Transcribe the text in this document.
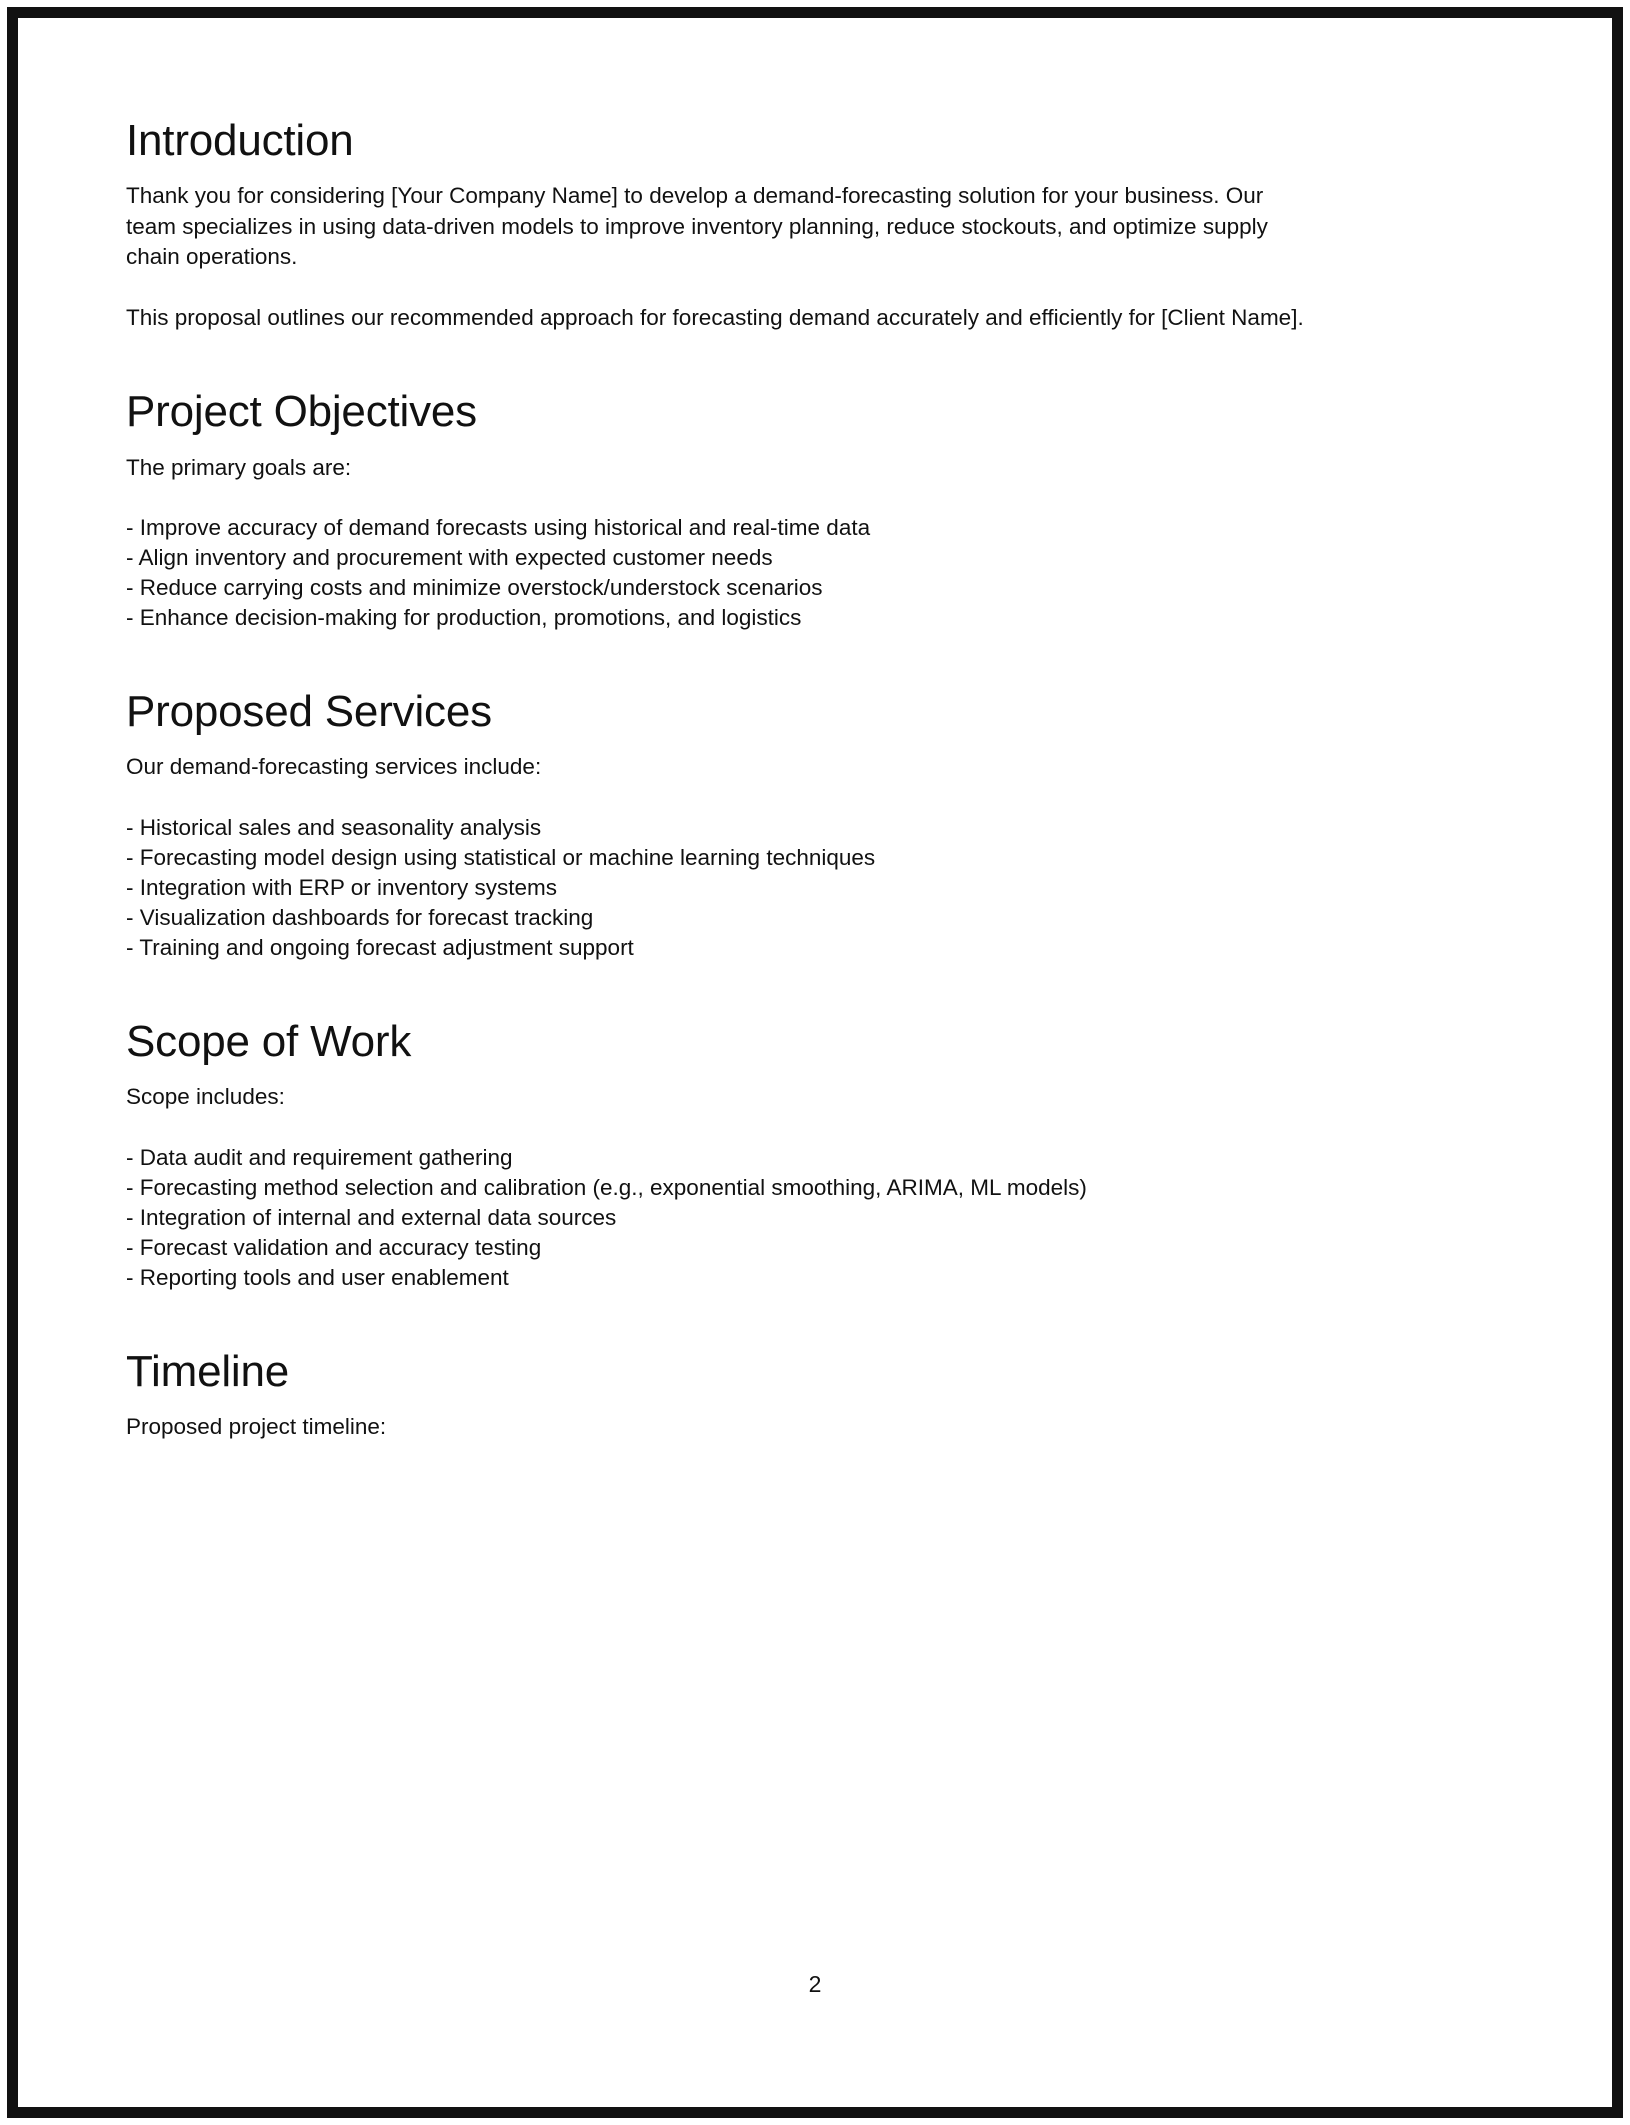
Introduction

Thank you for considering [Your Company Name] to develop a demand-forecasting solution for your business. Our team specializes in using data-driven models to improve inventory planning, reduce stockouts, and optimize supply chain operations.

This proposal outlines our recommended approach for forecasting demand accurately and efficiently for [Client Name].

Project Objectives

The primary goals are:

- Improve accuracy of demand forecasts using historical and real-time data
- Align inventory and procurement with expected customer needs
- Reduce carrying costs and minimize overstock/understock scenarios
- Enhance decision-making for production, promotions, and logistics
Proposed Services

Our demand-forecasting services include:

- Historical sales and seasonality analysis
- Forecasting model design using statistical or machine learning techniques
- Integration with ERP or inventory systems
- Visualization dashboards for forecast tracking
- Training and ongoing forecast adjustment support
Scope of Work

Scope includes:

- Data audit and requirement gathering
- Forecasting method selection and calibration (e.g., exponential smoothing, ARIMA, ML models)
- Integration of internal and external data sources
- Forecast validation and accuracy testing
- Reporting tools and user enablement
Timeline

Proposed project timeline:

2
